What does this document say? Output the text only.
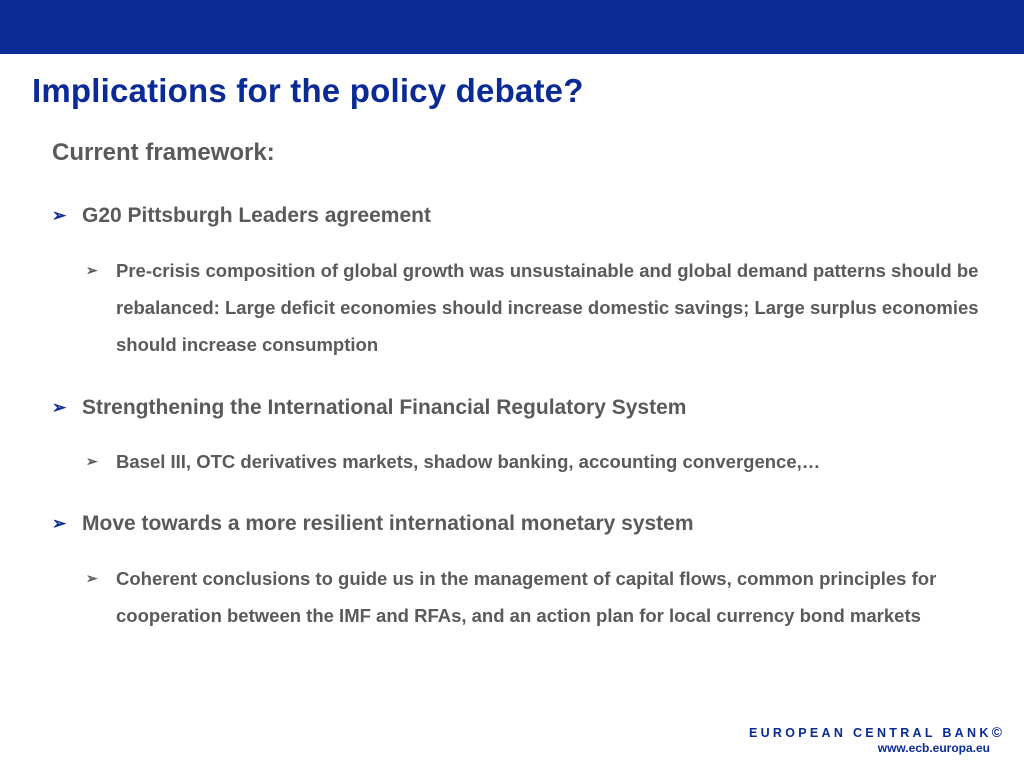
Implications for the policy debate?
Current framework:
➢ G20 Pittsburgh Leaders agreement
➢ Pre-crisis composition of global growth was unsustainable and global demand patterns should be rebalanced: Large deficit economies should increase domestic savings; Large surplus economies should increase consumption
➢ Strengthening the International Financial Regulatory System
➢ Basel III, OTC derivatives markets, shadow banking, accounting convergence,…
➢ Move towards a more resilient international monetary system
➢ Coherent conclusions to guide us in the management of capital flows, common principles for cooperation between the IMF and RFAs, and an action plan for local currency bond markets
EUROPEAN CENTRAL BANK©
www.ecb.europa.eu
